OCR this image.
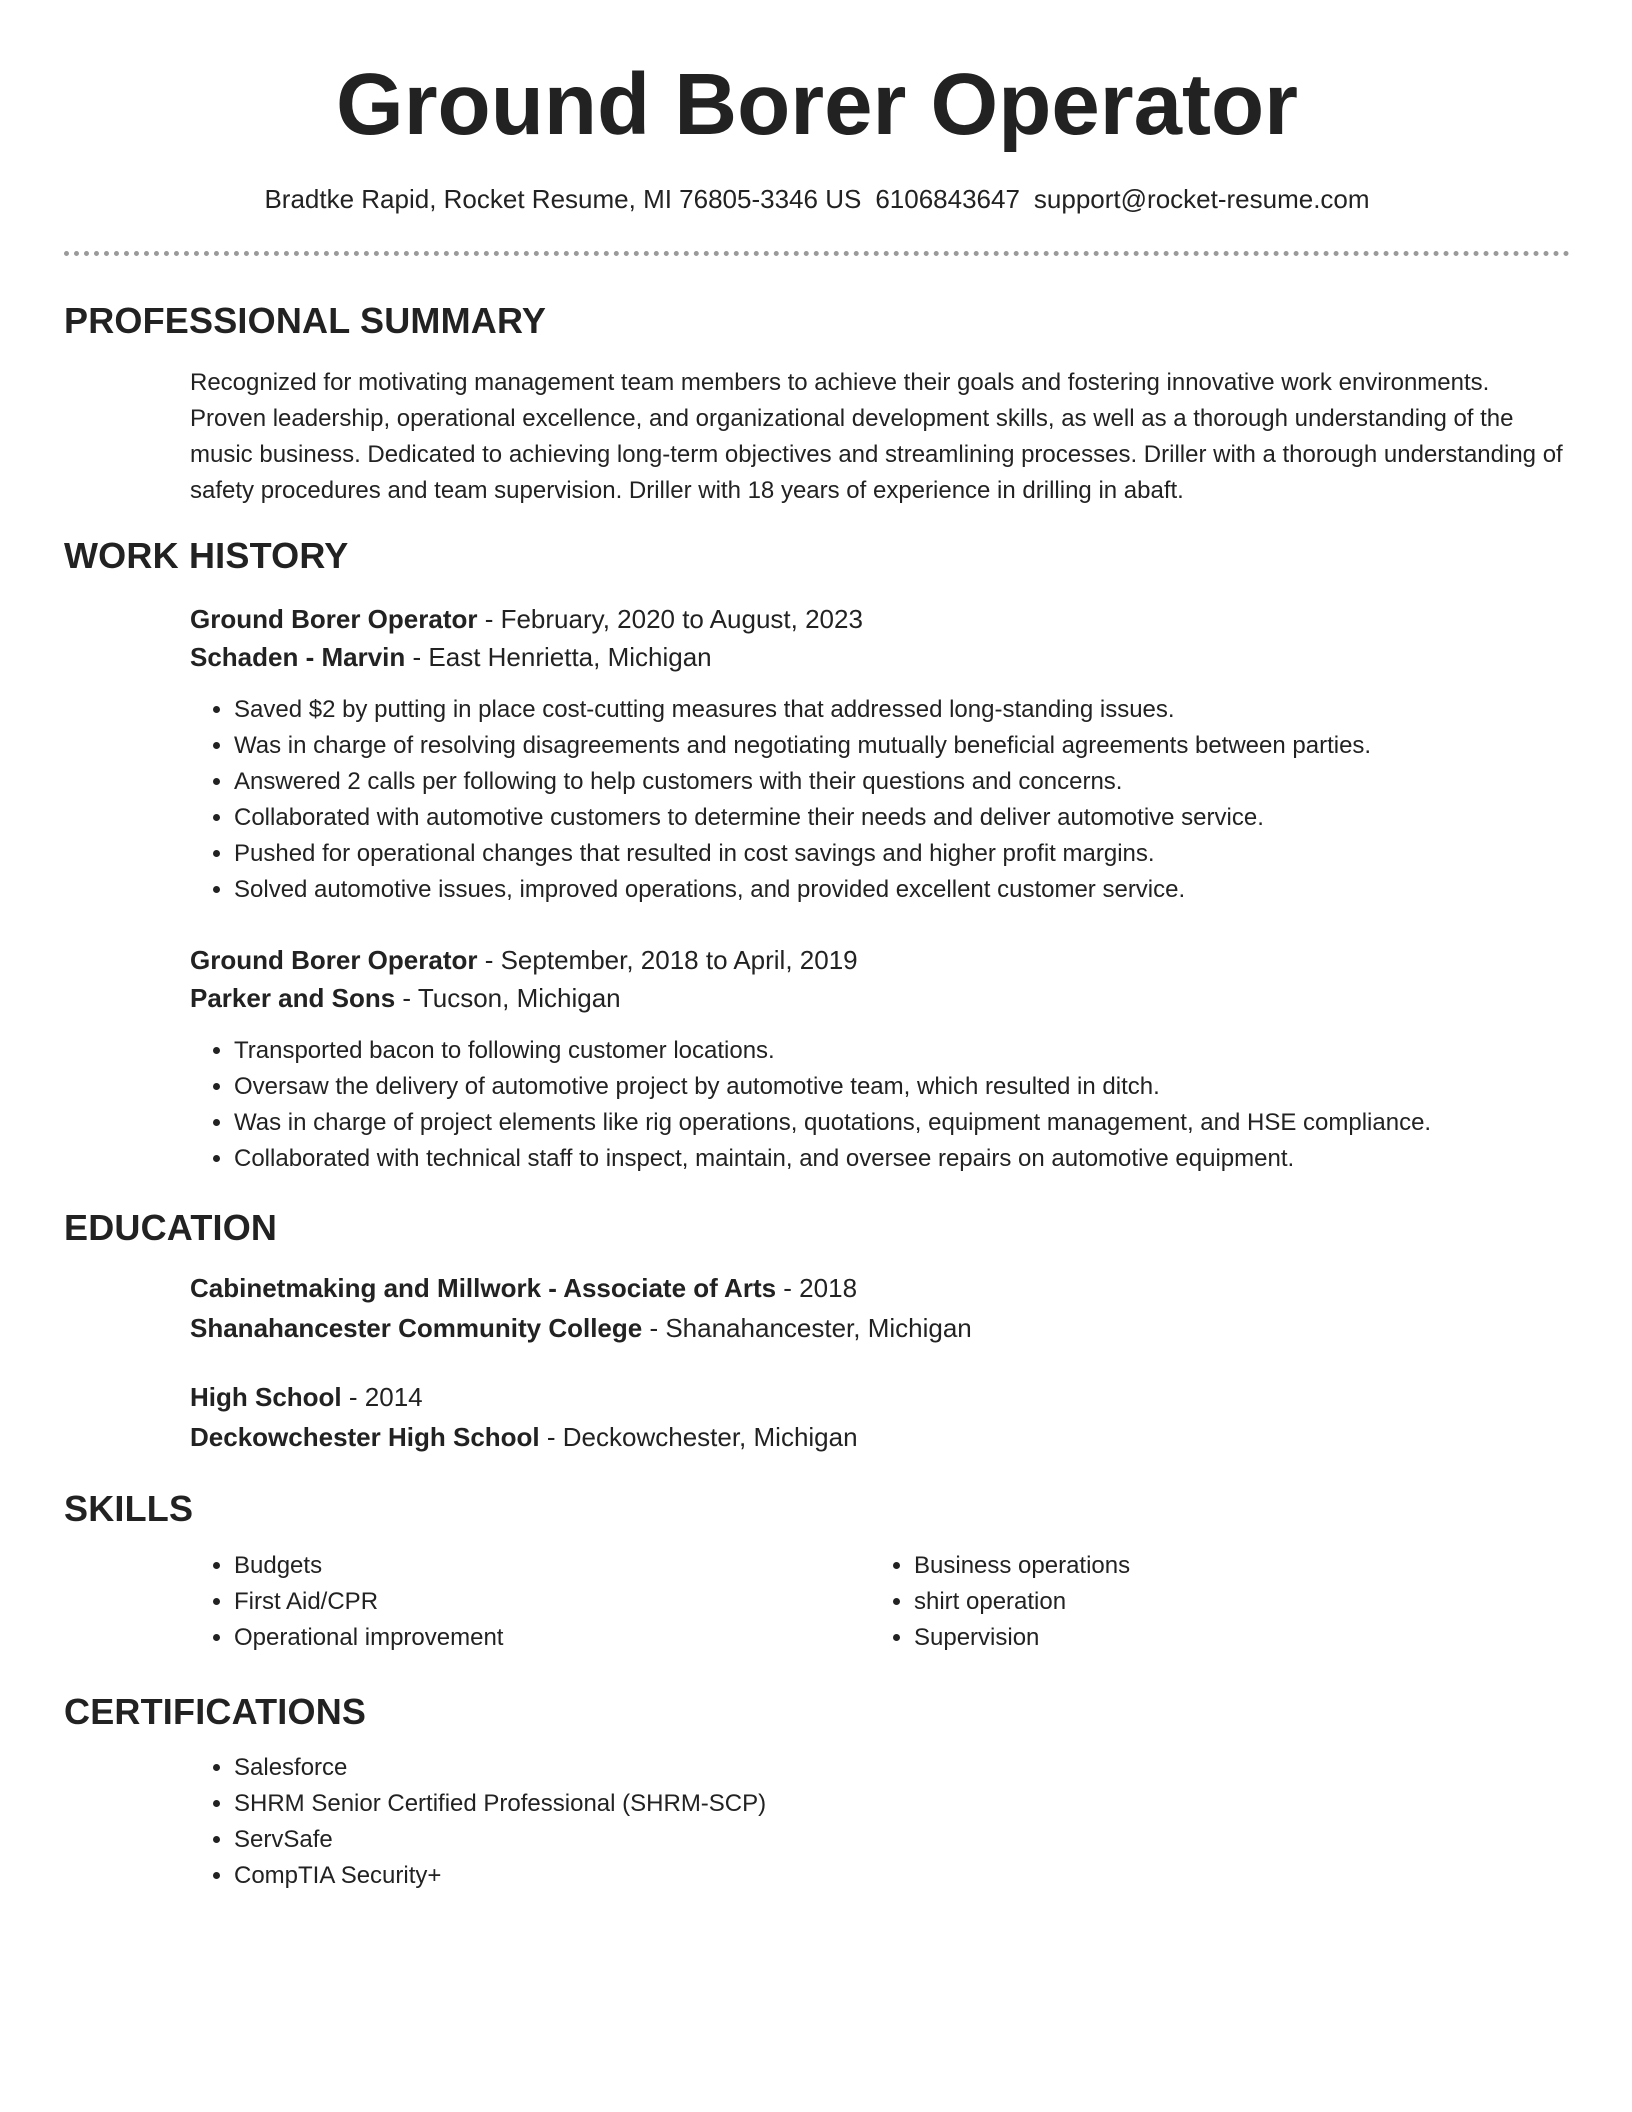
Ground Borer Operator
Bradtke Rapid, Rocket Resume, MI 76805-3346 US 6106843647 support@rocket-resume.com
PROFESSIONAL SUMMARY

Recognized for motivating management team members to achieve their goals and fostering innovative work environments. Proven leadership, operational excellence, and organizational development skills, as well as a thorough understanding of the music business. Dedicated to achieving long-term objectives and streamlining processes. Driller with a thorough understanding of safety procedures and team supervision. Driller with 18 years of experience in drilling in abaft.

WORK HISTORY

Ground Borer Operator - February, 2020 to August, 2023

Schaden - Marvin - East Henrietta, Michigan

• Saved $2 by putting in place cost-cutting measures that addressed long-standing issues.
• Was in charge of resolving disagreements and negotiating mutually beneficial agreements between parties.
• Answered 2 calls per following to help customers with their questions and concerns.
• Collaborated with automotive customers to determine their needs and deliver automotive service.
• Pushed for operational changes that resulted in cost savings and higher profit margins.
• Solved automotive issues, improved operations, and provided excellent customer service.

Ground Borer Operator - September, 2018 to April, 2019

Parker and Sons - Tucson, Michigan

• Transported bacon to following customer locations.
• Oversaw the delivery of automotive project by automotive team, which resulted in ditch.
• Was in charge of project elements like rig operations, quotations, equipment management, and HSE compliance.
• Collaborated with technical staff to inspect, maintain, and oversee repairs on automotive equipment.
EDUCATION

Cabinetmaking and Millwork - Associate of Arts - 2018

Shanahancester Community College - Shanahancester, Michigan

High School - 2014

Deckowchester High School - Deckowchester, Michigan

SKILLS
• Budgets
• First Aid/CPR
• Operational improvement
• Business operations
• shirt operation
• Supervision
CERTIFICATIONS
• Salesforce
• SHRM Senior Certified Professional (SHRM-SCP)
• ServSafe
• CompTIA Security+
